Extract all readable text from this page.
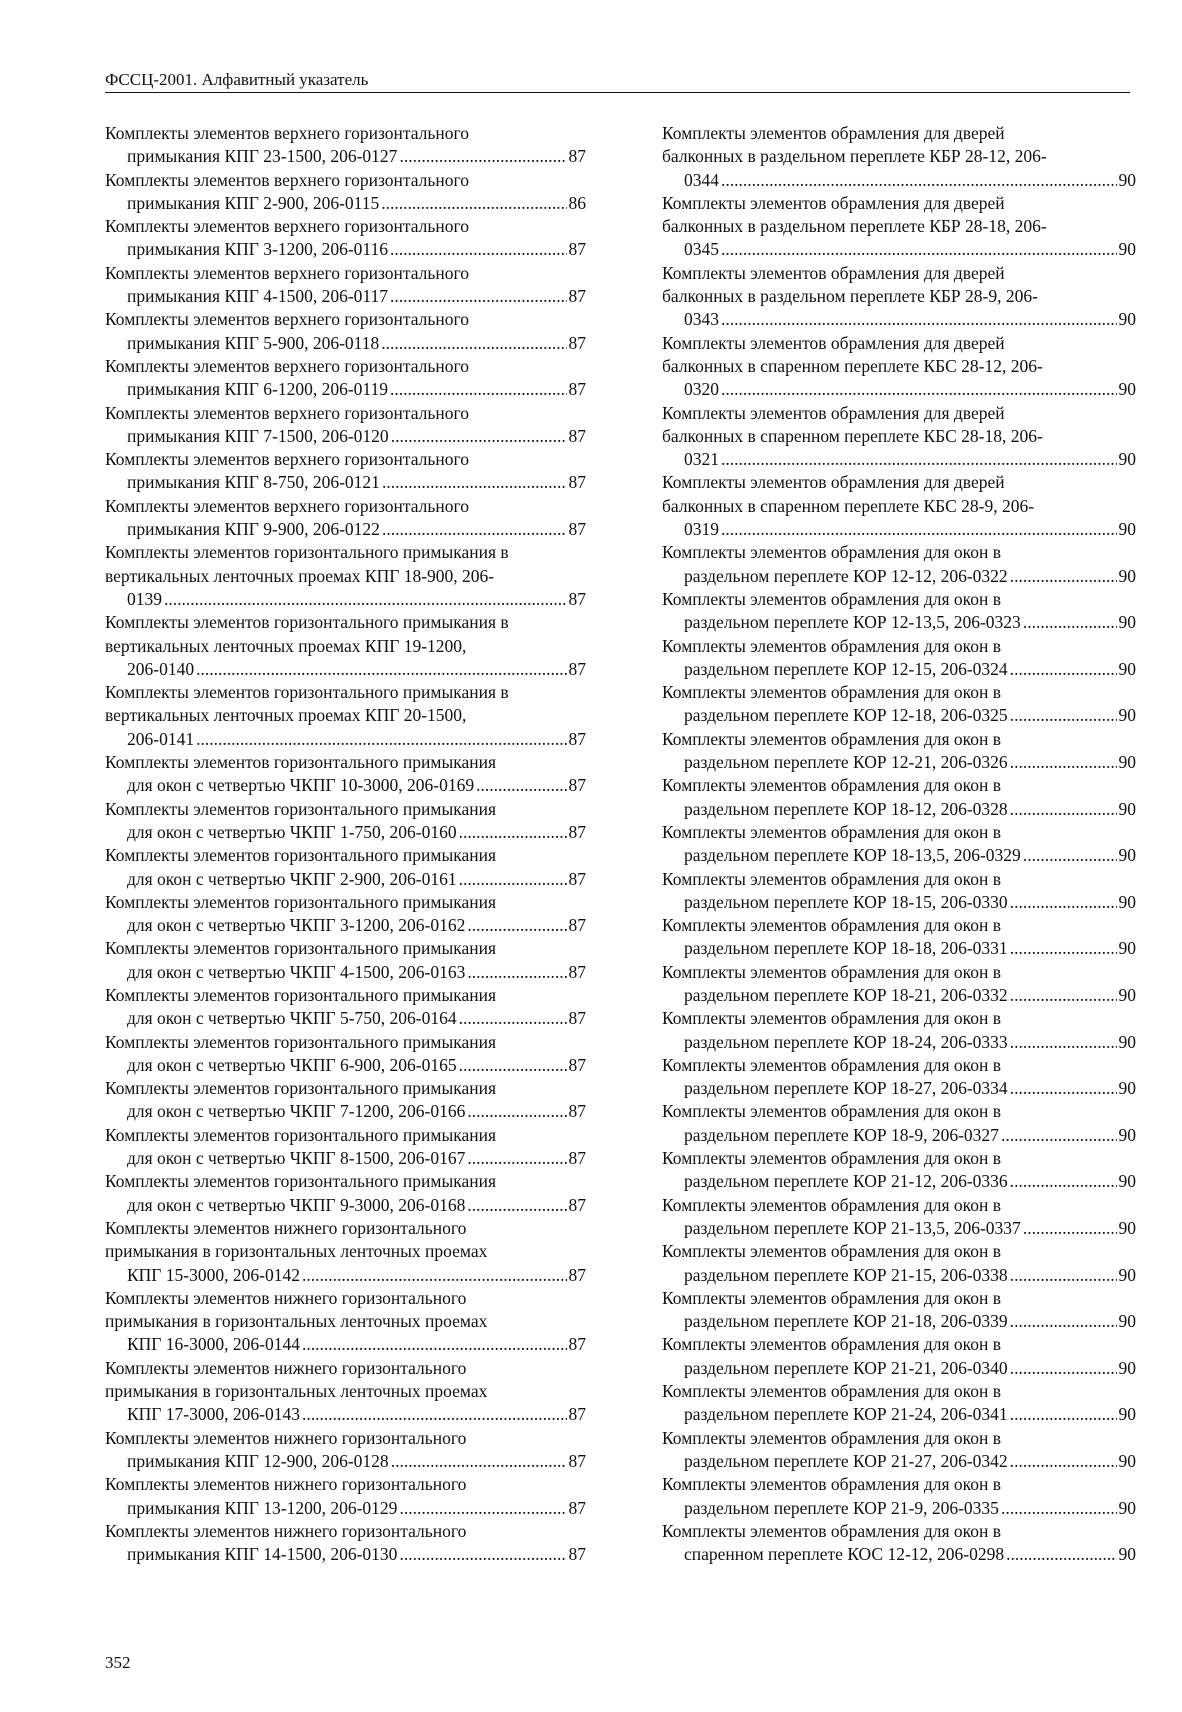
ФССЦ-2001. Алфавитный указатель
Комплекты элементов верхнего горизонтального
примыкания КПГ 23-1500, 206-0127 .....	87
Комплекты элементов верхнего горизонтального
примыкания КПГ 2-900, 206-0115 .....	86
Комплекты элементов верхнего горизонтального
примыкания КПГ 3-1200, 206-0116 .....	87
Комплекты элементов верхнего горизонтального
примыкания КПГ 4-1500, 206-0117 .....	87
Комплекты элементов верхнего горизонтального
примыкания КПГ 5-900, 206-0118 .....	87
Комплекты элементов верхнего горизонтального
примыкания КПГ 6-1200, 206-0119 .....	87
Комплекты элементов верхнего горизонтального
примыкания КПГ 7-1500, 206-0120 .....	87
Комплекты элементов верхнего горизонтального
примыкания КПГ 8-750, 206-0121 .....	87
Комплекты элементов верхнего горизонтального
примыкания КПГ 9-900, 206-0122 .....	87
Комплекты элементов горизонтального примыкания в
вертикальных ленточных проемах КПГ 18-900, 206-
0139 .....	87
Комплекты элементов горизонтального примыкания в
вертикальных ленточных проемах КПГ 19-1200,
206-0140 .....	87
Комплекты элементов горизонтального примыкания в
вертикальных ленточных проемах КПГ 20-1500,
206-0141 .....	87
Комплекты элементов горизонтального примыкания
для окон с четвертью ЧКПГ 10-3000, 206-0169 .....	87
Комплекты элементов горизонтального примыкания
для окон с четвертью ЧКПГ 1-750, 206-0160 .....	87
Комплекты элементов горизонтального примыкания
для окон с четвертью ЧКПГ 2-900, 206-0161 .....	87
Комплекты элементов горизонтального примыкания
для окон с четвертью ЧКПГ 3-1200, 206-0162 .....	87
Комплекты элементов горизонтального примыкания
для окон с четвертью ЧКПГ 4-1500, 206-0163 .....	87
Комплекты элементов горизонтального примыкания
для окон с четвертью ЧКПГ 5-750, 206-0164 .....	87
Комплекты элементов горизонтального примыкания
для окон с четвертью ЧКПГ 6-900, 206-0165 .....	87
Комплекты элементов горизонтального примыкания
для окон с четвертью ЧКПГ 7-1200, 206-0166 .....	87
Комплекты элементов горизонтального примыкания
для окон с четвертью ЧКПГ 8-1500, 206-0167 .....	87
Комплекты элементов горизонтального примыкания
для окон с четвертью ЧКПГ 9-3000, 206-0168 .....	87
Комплекты элементов нижнего горизонтального
примыкания в горизонтальных ленточных проемах
КПГ 15-3000, 206-0142 .....	87
Комплекты элементов нижнего горизонтального
примыкания в горизонтальных ленточных проемах
КПГ 16-3000, 206-0144 .....	87
Комплекты элементов нижнего горизонтального
примыкания в горизонтальных ленточных проемах
КПГ 17-3000, 206-0143 .....	87
Комплекты элементов нижнего горизонтального
примыкания КПГ 12-900, 206-0128 .....	87
Комплекты элементов нижнего горизонтального
примыкания КПГ 13-1200, 206-0129 .....	87
Комплекты элементов нижнего горизонтального
примыкания КПГ 14-1500, 206-0130 .....	87
Комплекты элементов обрамления для дверей
балконных в раздельном переплете КБР 28-12, 206-
0344 .....	90
Комплекты элементов обрамления для дверей
балконных в раздельном переплете КБР 28-18, 206-
0345 .....	90
Комплекты элементов обрамления для дверей
балконных в раздельном переплете КБР 28-9, 206-
0343 .....	90
Комплекты элементов обрамления для дверей
балконных в спаренном переплете КБС 28-12, 206-
0320 .....	90
Комплекты элементов обрамления для дверей
балконных в спаренном переплете КБС 28-18, 206-
0321 .....	90
Комплекты элементов обрамления для дверей
балконных в спаренном переплете КБС 28-9, 206-
0319 .....	90
Комплекты элементов обрамления для окон в
раздельном переплете КОР 12-12, 206-0322 .....	90
Комплекты элементов обрамления для окон в
раздельном переплете КОР 12-13,5, 206-0323 .....	90
Комплекты элементов обрамления для окон в
раздельном переплете КОР 12-15, 206-0324 .....	90
Комплекты элементов обрамления для окон в
раздельном переплете КОР 12-18, 206-0325 .....	90
Комплекты элементов обрамления для окон в
раздельном переплете КОР 12-21, 206-0326 .....	90
Комплекты элементов обрамления для окон в
раздельном переплете КОР 18-12, 206-0328 .....	90
Комплекты элементов обрамления для окон в
раздельном переплете КОР 18-13,5, 206-0329 .....	90
Комплекты элементов обрамления для окон в
раздельном переплете КОР 18-15, 206-0330 .....	90
Комплекты элементов обрамления для окон в
раздельном переплете КОР 18-18, 206-0331 .....	90
Комплекты элементов обрамления для окон в
раздельном переплете КОР 18-21, 206-0332 .....	90
Комплекты элементов обрамления для окон в
раздельном переплете КОР 18-24, 206-0333 .....	90
Комплекты элементов обрамления для окон в
раздельном переплете КОР 18-27, 206-0334 .....	90
Комплекты элементов обрамления для окон в
раздельном переплете КОР 18-9, 206-0327 .....	90
Комплекты элементов обрамления для окон в
раздельном переплете КОР 21-12, 206-0336 .....	90
Комплекты элементов обрамления для окон в
раздельном переплете КОР 21-13,5, 206-0337 .....	90
Комплекты элементов обрамления для окон в
раздельном переплете КОР 21-15, 206-0338 .....	90
Комплекты элементов обрамления для окон в
раздельном переплете КОР 21-18, 206-0339 .....	90
Комплекты элементов обрамления для окон в
раздельном переплете КОР 21-21, 206-0340 .....	90
Комплекты элементов обрамления для окон в
раздельном переплете КОР 21-24, 206-0341 .....	90
Комплекты элементов обрамления для окон в
раздельном переплете КОР 21-27, 206-0342 .....	90
Комплекты элементов обрамления для окон в
раздельном переплете КОР 21-9, 206-0335 .....	90
Комплекты элементов обрамления для окон в
спаренном переплете КОС 12-12, 206-0298 .....	90
352
